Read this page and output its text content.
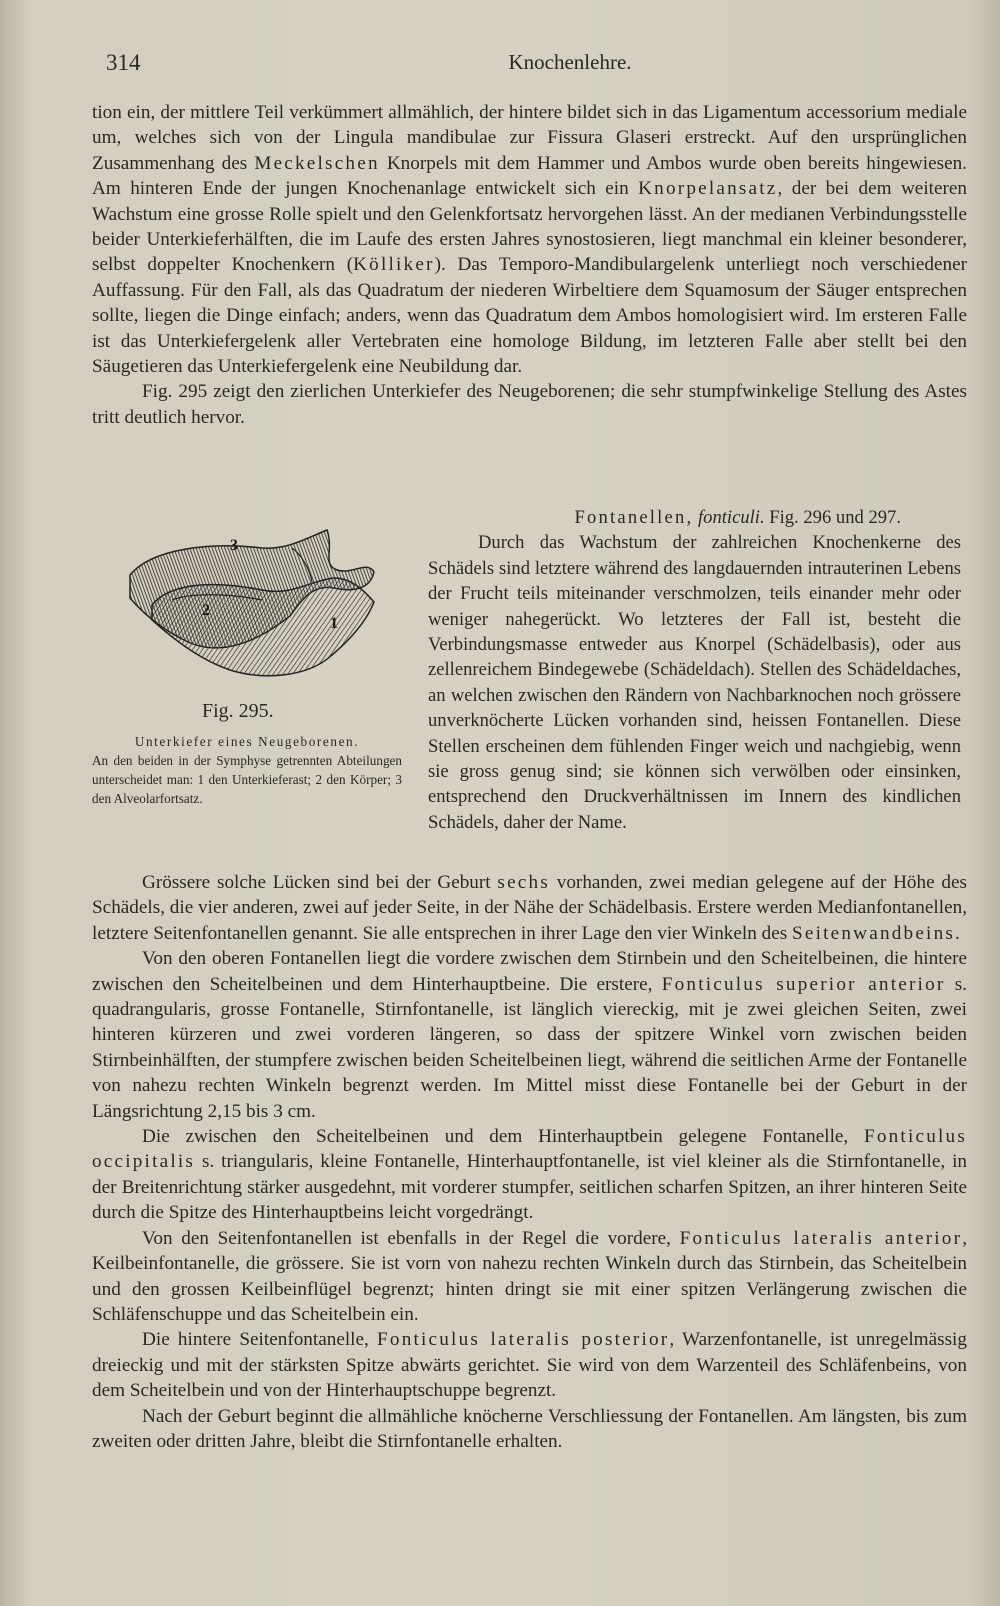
314	Knochenlehre.

tion ein, der mittlere Teil verkümmert allmählich, der hintere bildet sich in das Ligamentum accessorium mediale um, welches sich von der Lingula mandibulae zur Fissura Glaseri erstreckt. Auf den ursprünglichen Zusammenhang des Meckelschen Knorpels mit dem Hammer und Ambos wurde oben bereits hingewiesen. Am hinteren Ende der jungen Knochenanlage entwickelt sich ein Knorpelansatz, der bei dem weiteren Wachstum eine grosse Rolle spielt und den Gelenkfortsatz hervorgehen lässt. An der medianen Verbindungsstelle beider Unterkieferhälften, die im Laufe des ersten Jahres synostosieren, liegt manchmal ein kleiner besonderer, selbst doppelter Knochenkern (Kölliker). Das Temporo-Mandibulargelenk unterliegt noch verschiedener Auffassung. Für den Fall, als das Quadratum der niederen Wirbeltiere dem Squamosum der Säuger entsprechen sollte, liegen die Dinge einfach; anders, wenn das Quadratum dem Ambos homologisiert wird. Im ersteren Falle ist das Unterkiefergelenk aller Vertebraten eine homologe Bildung, im letzteren Falle aber stellt bei den Säugetieren das Unterkiefergelenk eine Neubildung dar.

Fig. 295 zeigt den zierlichen Unterkiefer des Neugeborenen; die sehr stumpfwinkelige Stellung des Astes tritt deutlich hervor.

3
2
1
Fig. 295.
Unterkiefer eines Neugeborenen.
An den beiden in der Symphyse getrennten Abteilungen unterscheidet man: 1 den Unterkieferast; 2 den Körper; 3 den Alveolarfortsatz.

Fontanellen, fonticuli. Fig. 296 und 297.

Durch das Wachstum der zahlreichen Knochenkerne des Schädels sind letztere während des langdauernden intrauterinen Lebens der Frucht teils miteinander verschmolzen, teils einander mehr oder weniger nahegerückt. Wo letzteres der Fall ist, besteht die Verbindungsmasse entweder aus Knorpel (Schädelbasis), oder aus zellenreichem Bindegewebe (Schädeldach). Stellen des Schädeldaches, an welchen zwischen den Rändern von Nachbarknochen noch grössere unverknöcherte Lücken vorhanden sind, heissen Fontanellen. Diese Stellen erscheinen dem fühlenden Finger weich und nachgiebig, wenn sie gross genug sind; sie können sich verwölben oder einsinken, entsprechend den Druckverhältnissen im Innern des kindlichen Schädels, daher der Name.

Grössere solche Lücken sind bei der Geburt sechs vorhanden, zwei median gelegene auf der Höhe des Schädels, die vier anderen, zwei auf jeder Seite, in der Nähe der Schädelbasis. Erstere werden Medianfontanellen, letztere Seitenfontanellen genannt. Sie alle entsprechen in ihrer Lage den vier Winkeln des Seitenwandbeins.

Von den oberen Fontanellen liegt die vordere zwischen dem Stirnbein und den Scheitelbeinen, die hintere zwischen den Scheitelbeinen und dem Hinterhauptbeine. Die erstere, Fonticulus superior anterior s. quadrangularis, grosse Fontanelle, Stirnfontanelle, ist länglich viereckig, mit je zwei gleichen Seiten, zwei hinteren kürzeren und zwei vorderen längeren, so dass der spitzere Winkel vorn zwischen beiden Stirnbeinhälften, der stumpfere zwischen beiden Scheitelbeinen liegt, während die seitlichen Arme der Fontanelle von nahezu rechten Winkeln begrenzt werden. Im Mittel misst diese Fontanelle bei der Geburt in der Längsrichtung 2,15 bis 3 cm.

Die zwischen den Scheitelbeinen und dem Hinterhauptbein gelegene Fontanelle, Fonticulus occipitalis s. triangularis, kleine Fontanelle, Hinterhauptfontanelle, ist viel kleiner als die Stirnfontanelle, in der Breitenrichtung stärker ausgedehnt, mit vorderer stumpfer, seitlichen scharfen Spitzen, an ihrer hinteren Seite durch die Spitze des Hinterhauptbeins leicht vorgedrängt.

Von den Seitenfontanellen ist ebenfalls in der Regel die vordere, Fonticulus lateralis anterior, Keilbeinfontanelle, die grössere. Sie ist vorn von nahezu rechten Winkeln durch das Stirnbein, das Scheitelbein und den grossen Keilbeinflügel begrenzt; hinten dringt sie mit einer spitzen Verlängerung zwischen die Schläfenschuppe und das Scheitelbein ein.

Die hintere Seitenfontanelle, Fonticulus lateralis posterior, Warzenfontanelle, ist unregelmässig dreieckig und mit der stärksten Spitze abwärts gerichtet. Sie wird von dem Warzenteil des Schläfenbeins, von dem Scheitelbein und von der Hinterhauptschuppe begrenzt.

Nach der Geburt beginnt die allmähliche knöcherne Verschliessung der Fontanellen. Am längsten, bis zum zweiten oder dritten Jahre, bleibt die Stirnfontanelle erhalten.
